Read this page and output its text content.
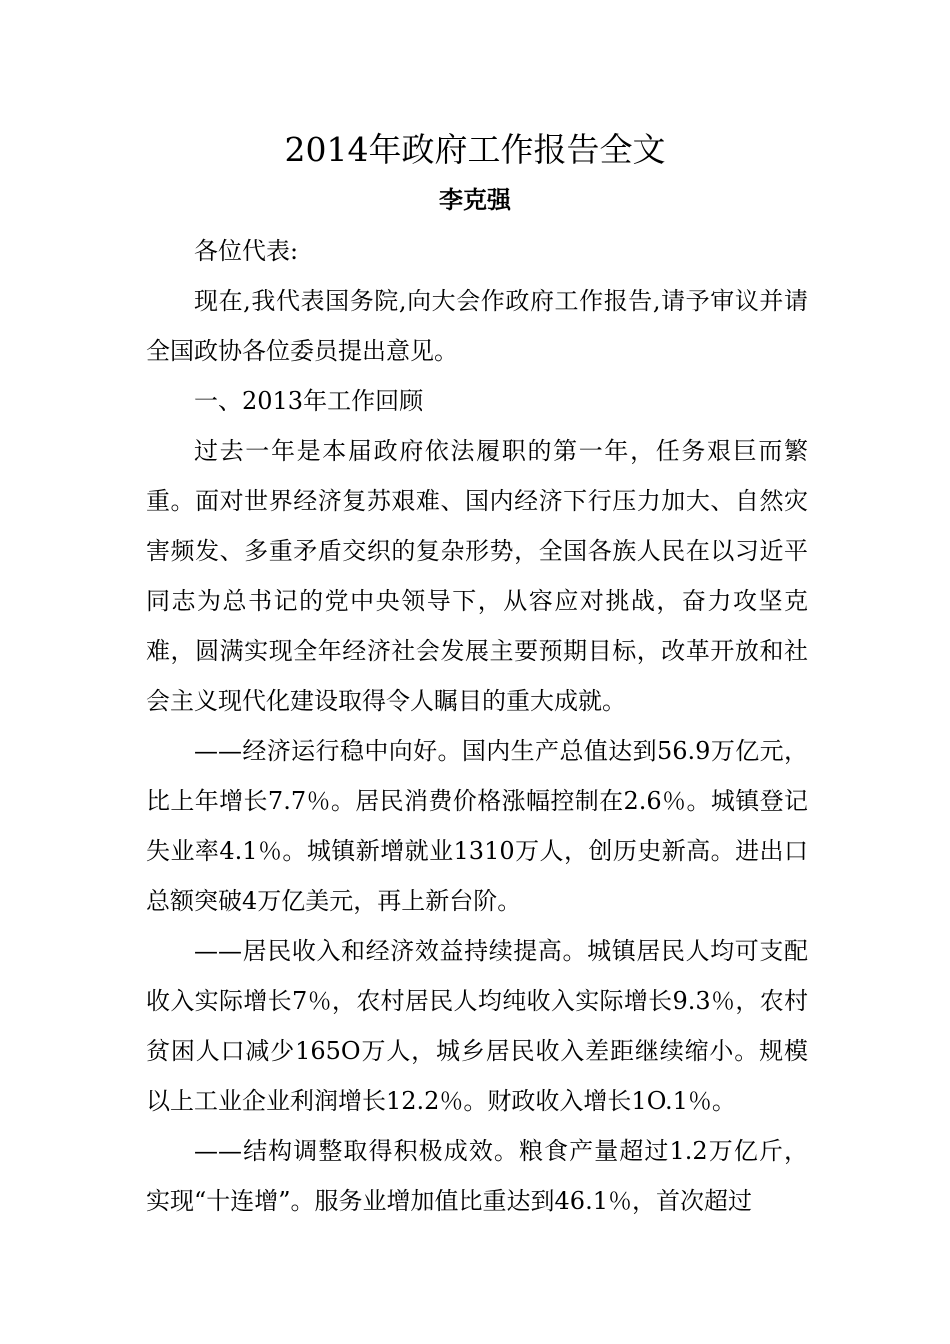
2014年政府工作报告全文
李克强

各位代表:

现在,我代表国务院,向大会作政府工作报告,请予审议并请全国政协各位委员提出意见。

一、2013年工作回顾

过去一年是本届政府依法履职的第一年，任务艰巨而繁重。面对世界经济复苏艰难、国内经济下行压力加大、自然灾害频发、多重矛盾交织的复杂形势，全国各族人民在以习近平同志为总书记的党中央领导下，从容应对挑战，奋力攻坚克难，圆满实现全年经济社会发展主要预期目标，改革开放和社会主义现代化建设取得令人瞩目的重大成就。

——经济运行稳中向好。国内生产总值达到56.9万亿元，比上年增长7.7％。居民消费价格涨幅控制在2.6％。城镇登记失业率4.1％。城镇新增就业1310万人，创历史新高。进出口总额突破4万亿美元，再上新台阶。

——居民收入和经济效益持续提高。城镇居民人均可支配收入实际增长7％，农村居民人均纯收入实际增长9.3％，农村贫困人口减少165O万人，城乡居民收入差距继续缩小。规模以上工业企业利润增长12.2％。财政收入增长1O.1％。

——结构调整取得积极成效。粮食产量超过1.2万亿斤，实现“十连增”。服务业增加值比重达到46.1％，首次超过
